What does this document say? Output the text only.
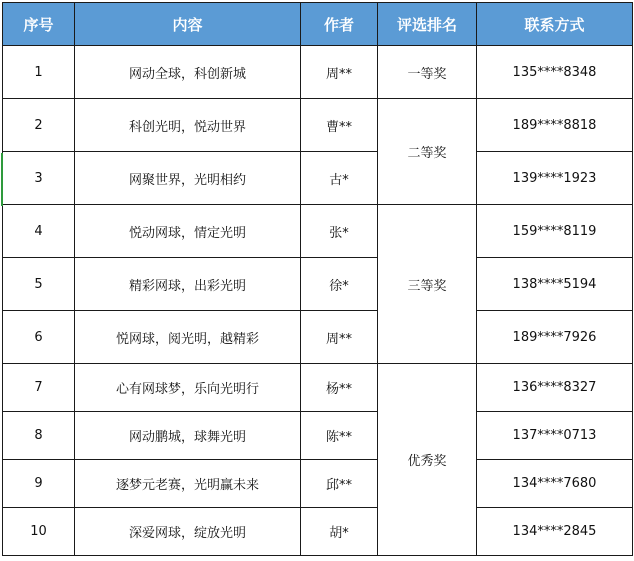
序号	内容	作者	评选排名	联系方式
1	网动全球，科创新城	周**	一等奖	135****8348
2	科创光明，悦动世界	曹**	二等奖	189****8818
3	网聚世界，光明相约	古*		139****1923
4	悦动网球，情定光明	张*	三等奖	159****8119
5	精彩网球，出彩光明	徐*		138****5194
6	悦网球，阅光明，越精彩	周**		189****7926
7	心有网球梦，乐向光明行	杨**	优秀奖	136****8327
8	网动鹏城，球舞光明	陈**		137****0713
9	逐梦元老赛，光明赢未来	邱**		134****7680
10	深爱网球，绽放光明	胡*		134****2845
